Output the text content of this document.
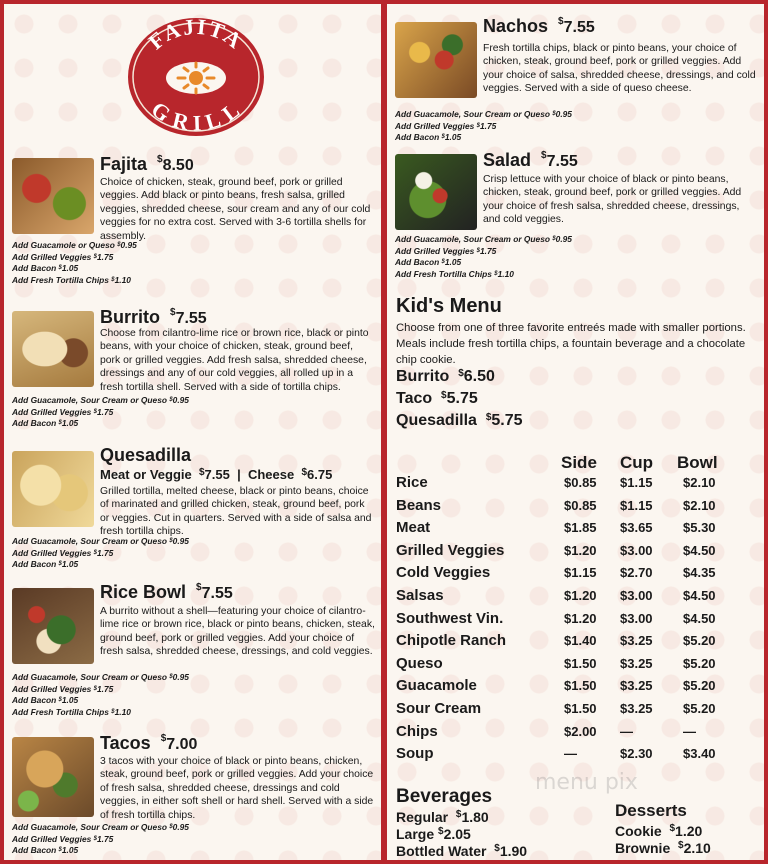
FAJITA
GRILL
Fajita $8.50
Choice of chicken, steak, ground beef, pork or grilled veggies. Add black or pinto beans, fresh salsa, grilled veggies, shredded cheese, sour cream and any of our cold veggies for no extra cost. Served with 3-6 tortilla shells for assembly.
Add Guacamole or Queso $0.95
Add Grilled Veggies $1.75
Add Bacon $1.05
Add Fresh Tortilla Chips $1.10
Burrito $7.55
Choose from cilantro-lime rice or brown rice, black or pinto beans, with your choice of chicken, steak, ground beef, pork or grilled veggies. Add fresh salsa, shredded cheese, dressings and any of our cold veggies, all rolled up in a fresh tortilla shell. Served with a side of tortilla chips.
Add Guacamole, Sour Cream or Queso $0.95
Add Grilled Veggies $1.75
Add Bacon $1.05
Quesadilla
Meat or Veggie $7.55 | Cheese $6.75
Grilled tortilla, melted cheese, black or pinto beans, choice of marinated and grilled chicken, steak, ground beef, pork or veggies. Cut in quarters. Served with a side of salsa and fresh tortilla chips.
Add Guacamole, Sour Cream or Queso $0.95
Add Grilled Veggies $1.75
Add Bacon $1.05
Rice Bowl $7.55
A burrito without a shell—featuring your choice of cilantro-lime rice or brown rice, black or pinto beans, chicken, steak, ground beef, pork or grilled veggies. Add your choice of fresh salsa, shredded cheese, dressings, and cold veggies.
Add Guacamole, Sour Cream or Queso $0.95
Add Grilled Veggies $1.75
Add Bacon $1.05
Add Fresh Tortilla Chips $1.10
Tacos $7.00
3 tacos with your choice of black or pinto beans, chicken, steak, ground beef, pork or grilled veggies. Add your choice of fresh salsa, shredded cheese, dressings and cold veggies, in either soft shell or hard shell. Served with a side of fresh tortilla chips.
Add Guacamole, Sour Cream or Queso $0.95
Add Grilled Veggies $1.75
Add Bacon $1.05
Nachos $7.55
Fresh tortilla chips, black or pinto beans, your choice of chicken, steak, ground beef, pork or grilled veggies. Add your choice of salsa, shredded cheese, dressings, and cold veggies. Served with a side of queso cheese.
Add Guacamole, Sour Cream or Queso $0.95
Add Grilled Veggies $1.75
Add Bacon $1.05
Salad $7.55
Crisp lettuce with your choice of black or pinto beans, chicken, steak, ground beef, pork or grilled veggies. Add your choice of fresh salsa, shredded cheese, dressings, and cold veggies.
Add Guacamole, Sour Cream or Queso $0.95
Add Grilled Veggies $1.75
Add Bacon $1.05
Add Fresh Tortilla Chips $1.10
Kid's Menu
Choose from one of three favorite entreés made with smaller portions. Meals include fresh tortilla chips, a fountain beverage and a chocolate chip cookie.
Burrito $6.50
Taco $5.75
Quesadilla $5.75
Side Cup Bowl
Rice	$0.85 $1.15 $2.10
Beans	$0.85 $1.15 $2.10
Meat	$1.85 $3.65 $5.30
Grilled Veggies	$1.20 $3.00 $4.50
Cold Veggies	$1.15 $2.70 $4.35
Salsas	$1.20 $3.00 $4.50
Southwest Vin.	$1.20 $3.00 $4.50
Chipotle Ranch	$1.40 $3.25 $5.20
Queso	$1.50 $3.25 $5.20
Guacamole	$1.50 $3.25 $5.20
Sour Cream	$1.50 $3.25 $5.20
Chips	$2.00 —	—
Soup	—	$2.30 $3.40
menu pix
Beverages
Regular $1.80
Large $2.05
Bottled Water $1.90
Desserts
Cookie $1.20
Brownie $2.10
